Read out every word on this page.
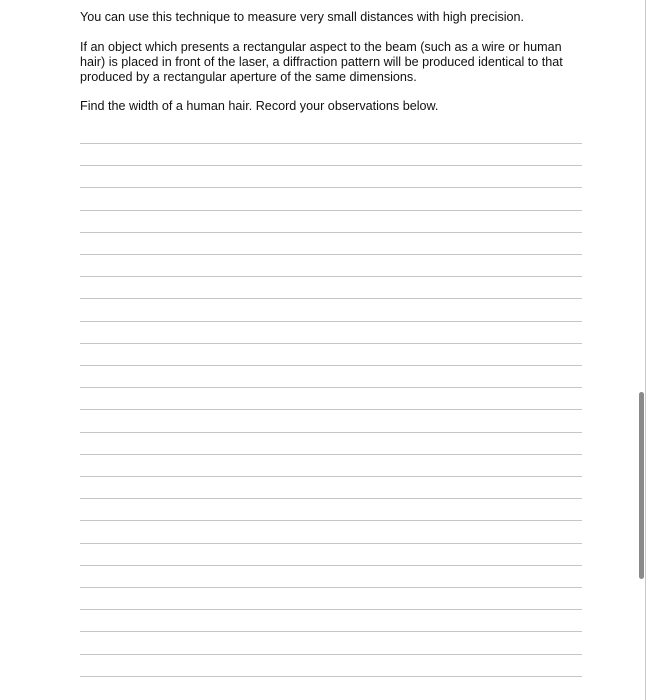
You can use this technique to measure very small distances with high precision.

If an object which presents a rectangular aspect to the beam (such as a wire or human hair) is placed in front of the laser, a diffraction pattern will be produced identical to that produced by a rectangular aperture of the same dimensions.

Find the width of a human hair. Record your observations below.
